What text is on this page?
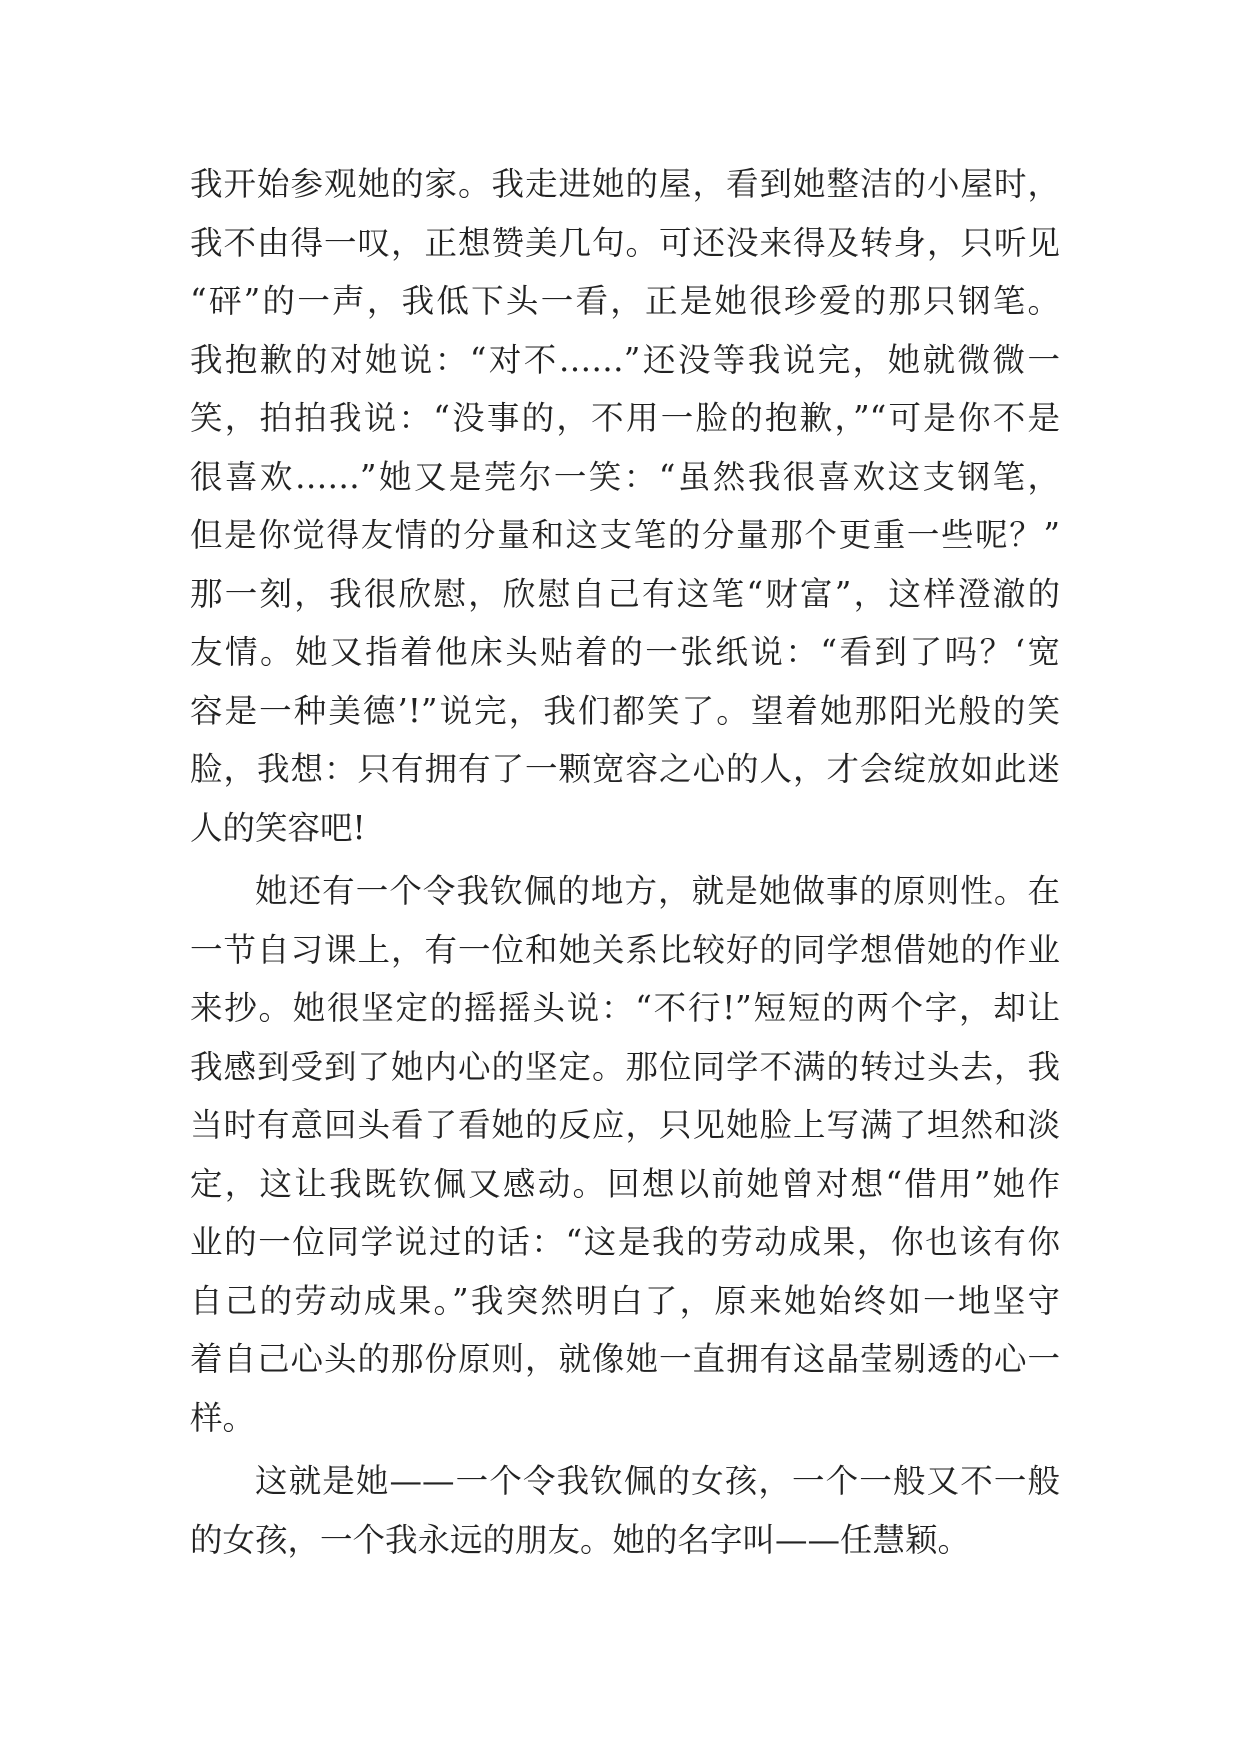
我开始参观她的家。我走进她的屋，看到她整洁的小屋时，
我不由得一叹，正想赞美几句。可还没来得及转身，只听见
“砰”的一声，我低下头一看，正是她很珍爱的那只钢笔。
我抱歉的对她说：“对不……”还没等我说完，她就微微一
笑，拍拍我说：“没事的，不用一脸的抱歉，”“可是你不是
很喜欢……”她又是莞尔一笑：“虽然我很喜欢这支钢笔，
但是你觉得友情的分量和这支笔的分量那个更重一些呢？”
那一刻，我很欣慰，欣慰自己有这笔“财富”，这样澄澈的
友情。她又指着他床头贴着的一张纸说：“看到了吗？‘宽
容是一种美德’!”说完，我们都笑了。望着她那阳光般的笑
脸，我想：只有拥有了一颗宽容之心的人，才会绽放如此迷
人的笑容吧!
她还有一个令我钦佩的地方，就是她做事的原则性。在
一节自习课上，有一位和她关系比较好的同学想借她的作业
来抄。她很坚定的摇摇头说：“不行!”短短的两个字，却让
我感到受到了她内心的坚定。那位同学不满的转过头去，我
当时有意回头看了看她的反应，只见她脸上写满了坦然和淡
定，这让我既钦佩又感动。回想以前她曾对想“借用”她作
业的一位同学说过的话：“这是我的劳动成果，你也该有你
自己的劳动成果。”我突然明白了，原来她始终如一地坚守
着自己心头的那份原则，就像她一直拥有这晶莹剔透的心一
样。
这就是她——一个令我钦佩的女孩，一个一般又不一般
的女孩，一个我永远的朋友。她的名字叫——任慧颖。
